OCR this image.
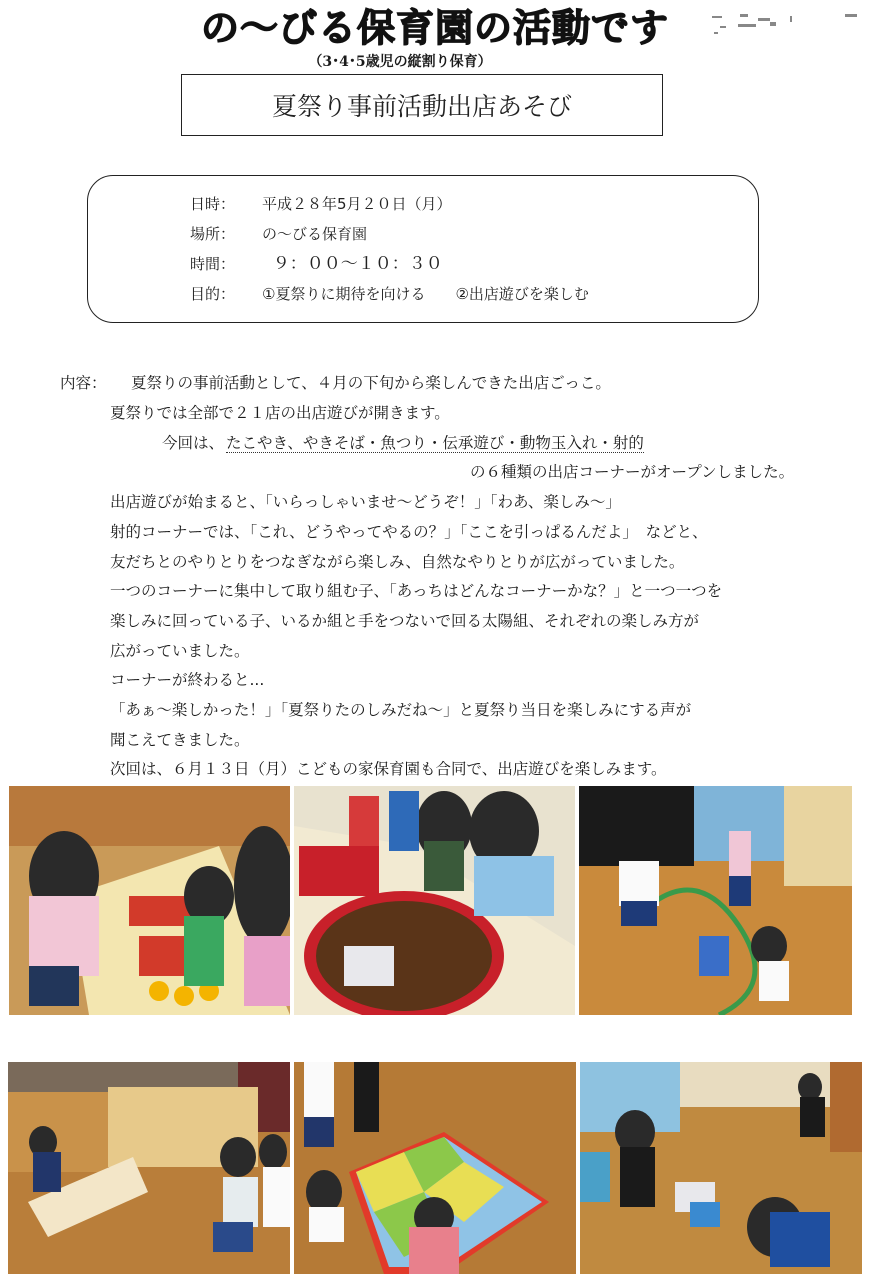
の〜びる保育園の活動です
（3･4･5歳児の縦割り保育）
夏祭り事前活動出店あそび
日時：	平成２８年5月２０日（月）
場所：	の〜びる保育園
時間：	９：００〜１０：３０
目的：	①夏祭りに期待を向ける　　②出店遊びを楽しむ
内容： 夏祭りの事前活動として、４月の下旬から楽しんできた出店ごっこ。
夏祭りでは全部で２１店の出店遊びが開きます。
今回は、 たこやき、やきそば・魚つり・伝承遊び・動物玉入れ・射的
の６種類の出店コーナーがオープンしました。
出店遊びが始まると、「いらっしゃいませ〜どうぞ！」「わあ、楽しみ〜」
射的コーナーでは、「これ、どうやってやるの？」「ここを引っぱるんだよ」　などと、
友だちとのやりとりをつなぎながら楽しみ、自然なやりとりが広がっていました。
一つのコーナーに集中して取り組む子、「あっちはどんなコーナーかな？」と一つ一つを
楽しみに回っている子、いるか組と手をつないで回る太陽組、それぞれの楽しみ方が
広がっていました。
コーナーが終わると...
「あぁ〜楽しかった！」「夏祭りたのしみだね〜」と夏祭り当日を楽しみにする声が
聞こえてきました。
次回は、６月１３日（月）こどもの家保育園も合同で、出店遊びを楽しみます。
